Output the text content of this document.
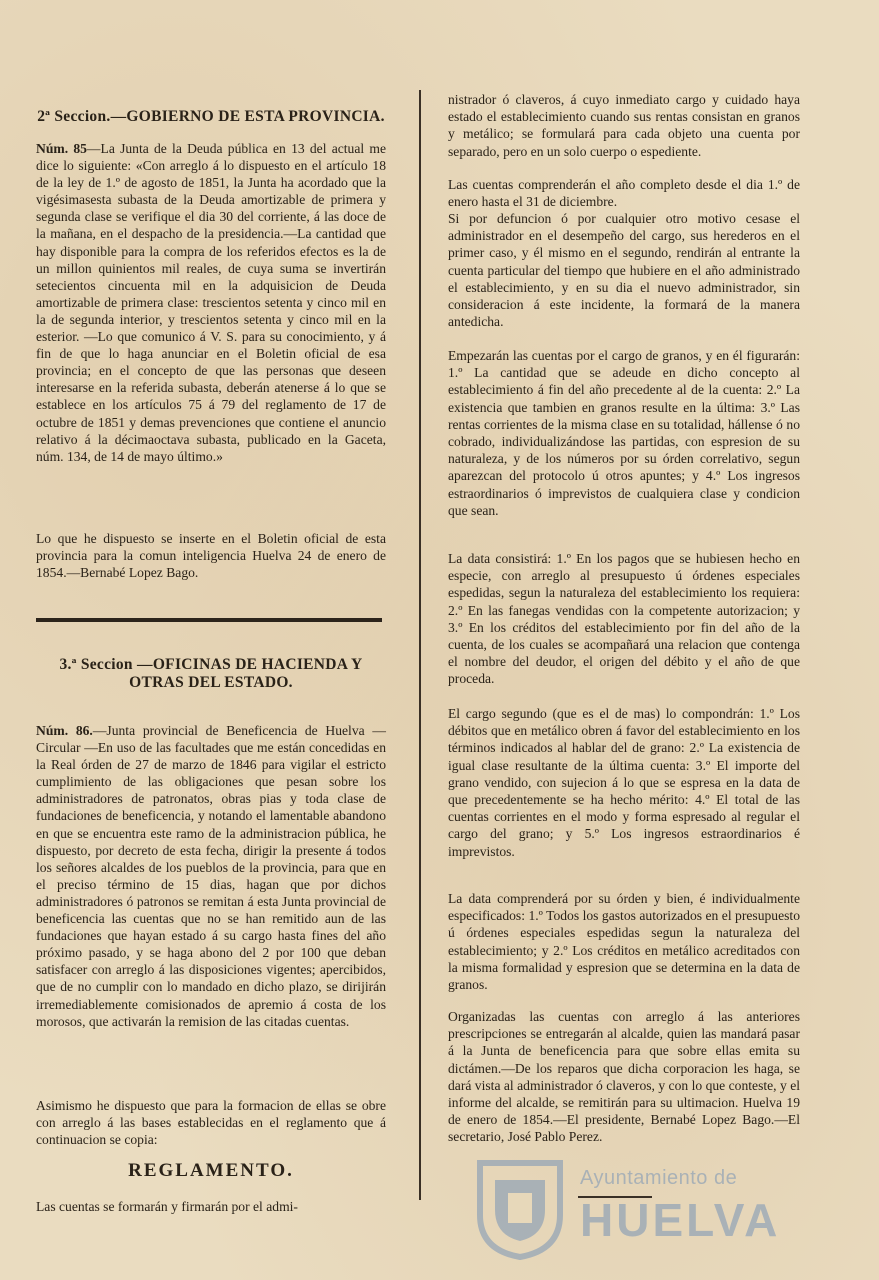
2ª Seccion.—GOBIERNO DE ESTA PROVINCIA.

Núm. 85—La Junta de la Deuda pública en 13 del actual me dice lo siguiente: «Con arreglo á lo dispuesto en el artículo 18 de la ley de 1.º de agosto de 1851, la Junta ha acordado que la vigésimasesta subasta de la Deuda amortizable de primera y segunda clase se verifique el dia 30 del corriente, á las doce de la mañana, en el despacho de la presidencia.—La cantidad que hay disponible para la compra de los referidos efectos es la de un millon quinientos mil reales, de cuya suma se invertirán setecientos cincuenta mil en la adquisicion de Deuda amortizable de primera clase: trescientos setenta y cinco mil en la de segunda interior, y trescientos setenta y cinco mil en la esterior. —Lo que comunico á V. S. para su conocimiento, y á fin de que lo haga anunciar en el Boletin oficial de esa provincia; en el concepto de que las personas que deseen interesarse en la referida subasta, deberán atenerse á lo que se establece en los artículos 75 á 79 del reglamento de 17 de octubre de 1851 y demas prevenciones que contiene el anuncio relativo á la décimaoctava subasta, publicado en la Gaceta, núm. 134, de 14 de mayo último.»

Lo que he dispuesto se inserte en el Boletin oficial de esta provincia para la comun inteligencia Huelva 24 de enero de 1854.—Bernabé Lopez Bago.

3.ª Seccion —OFICINAS DE HACIENDA Y
OTRAS DEL ESTADO.

Núm. 86.—Junta provincial de Beneficencia de Huelva —Circular —En uso de las facultades que me están concedidas en la Real órden de 27 de marzo de 1846 para vigilar el estricto cumplimiento de las obligaciones que pesan sobre los administradores de patronatos, obras pias y toda clase de fundaciones de beneficencia, y notando el lamentable abandono en que se encuentra este ramo de la administracion pública, he dispuesto, por decreto de esta fecha, dirigir la presente á todos los señores alcaldes de los pueblos de la provincia, para que en el preciso término de 15 dias, hagan que por dichos administradores ó patronos se remitan á esta Junta provincial de beneficencia las cuentas que no se han remitido aun de las fundaciones que hayan estado á su cargo hasta fines del año próximo pasado, y se haga abono del 2 por 100 que deban satisfacer con arreglo á las disposiciones vigentes; apercibidos, que de no cumplir con lo mandado en dicho plazo, se dirijirán irremediablemente comisionados de apremio á costa de los morosos, que activarán la remision de las citadas cuentas.

Asimismo he dispuesto que para la formacion de ellas se obre con arreglo á las bases establecidas en el reglamento que á continuacion se copia:

REGLAMENTO.

Las cuentas se formarán y firmarán por el admi-

nistrador ó claveros, á cuyo inmediato cargo y cuidado haya estado el establecimiento cuando sus rentas consistan en granos y metálico; se formulará para cada objeto una cuenta por separado, pero en un solo cuerpo o espediente.

Las cuentas comprenderán el año completo desde el dia 1.º de enero hasta el 31 de diciembre.

Si por defuncion ó por cualquier otro motivo cesase el administrador en el desempeño del cargo, sus herederos en el primer caso, y él mismo en el segundo, rendirán al entrante la cuenta particular del tiempo que hubiere en el año administrado el establecimiento, y en su dia el nuevo administrador, sin consideracion á este incidente, la formará de la manera antedicha.

Empezarán las cuentas por el cargo de granos, y en él figurarán: 1.º La cantidad que se adeude en dicho concepto al establecimiento á fin del año precedente al de la cuenta: 2.º La existencia que tambien en granos resulte en la última: 3.º Las rentas corrientes de la misma clase en su totalidad, hállense ó no cobrado, individualizándose las partidas, con espresion de su naturaleza, y de los números por su órden correlativo, segun aparezcan del protocolo ú otros apuntes; y 4.º Los ingresos estraordinarios ó imprevistos de cualquiera clase y condicion que sean.

La data consistirá: 1.º En los pagos que se hubiesen hecho en especie, con arreglo al presupuesto ú órdenes especiales espedidas, segun la naturaleza del establecimiento los requiera: 2.º En las fanegas vendidas con la competente autorizacion; y 3.º En los créditos del establecimiento por fin del año de la cuenta, de los cuales se acompañará una relacion que contenga el nombre del deudor, el origen del débito y el año de que proceda.

El cargo segundo (que es el de mas) lo compondrán: 1.º Los débitos que en metálico obren á favor del establecimiento en los términos indicados al hablar del de grano: 2.º La existencia de igual clase resultante de la última cuenta: 3.º El importe del grano vendido, con sujecion á lo que se espresa en la data de que precedentemente se ha hecho mérito: 4.º El total de las cuentas corrientes en el modo y forma espresado al regular el cargo del grano; y 5.º Los ingresos estraordinarios é imprevistos.

La data comprenderá por su órden y bien, é individualmente especificados: 1.º Todos los gastos autorizados en el presupuesto ú órdenes especiales espedidas segun la naturaleza del establecimiento; y 2.º Los créditos en metálico acreditados con la misma formalidad y espresion que se determina en la data de granos.

Organizadas las cuentas con arreglo á las anteriores prescripciones se entregarán al alcalde, quien las mandará pasar á la Junta de beneficencia para que sobre ellas emita su dictámen.—De los reparos que dicha corporacion les haga, se dará vista al administrador ó claveros, y con lo que conteste, y el informe del alcalde, se remitirán para su ultimacion. Huelva 19 de enero de 1854.—El presidente, Bernabé Lopez Bago.—El secretario, José Pablo Perez.

Ayuntamiento de
HUELVA
